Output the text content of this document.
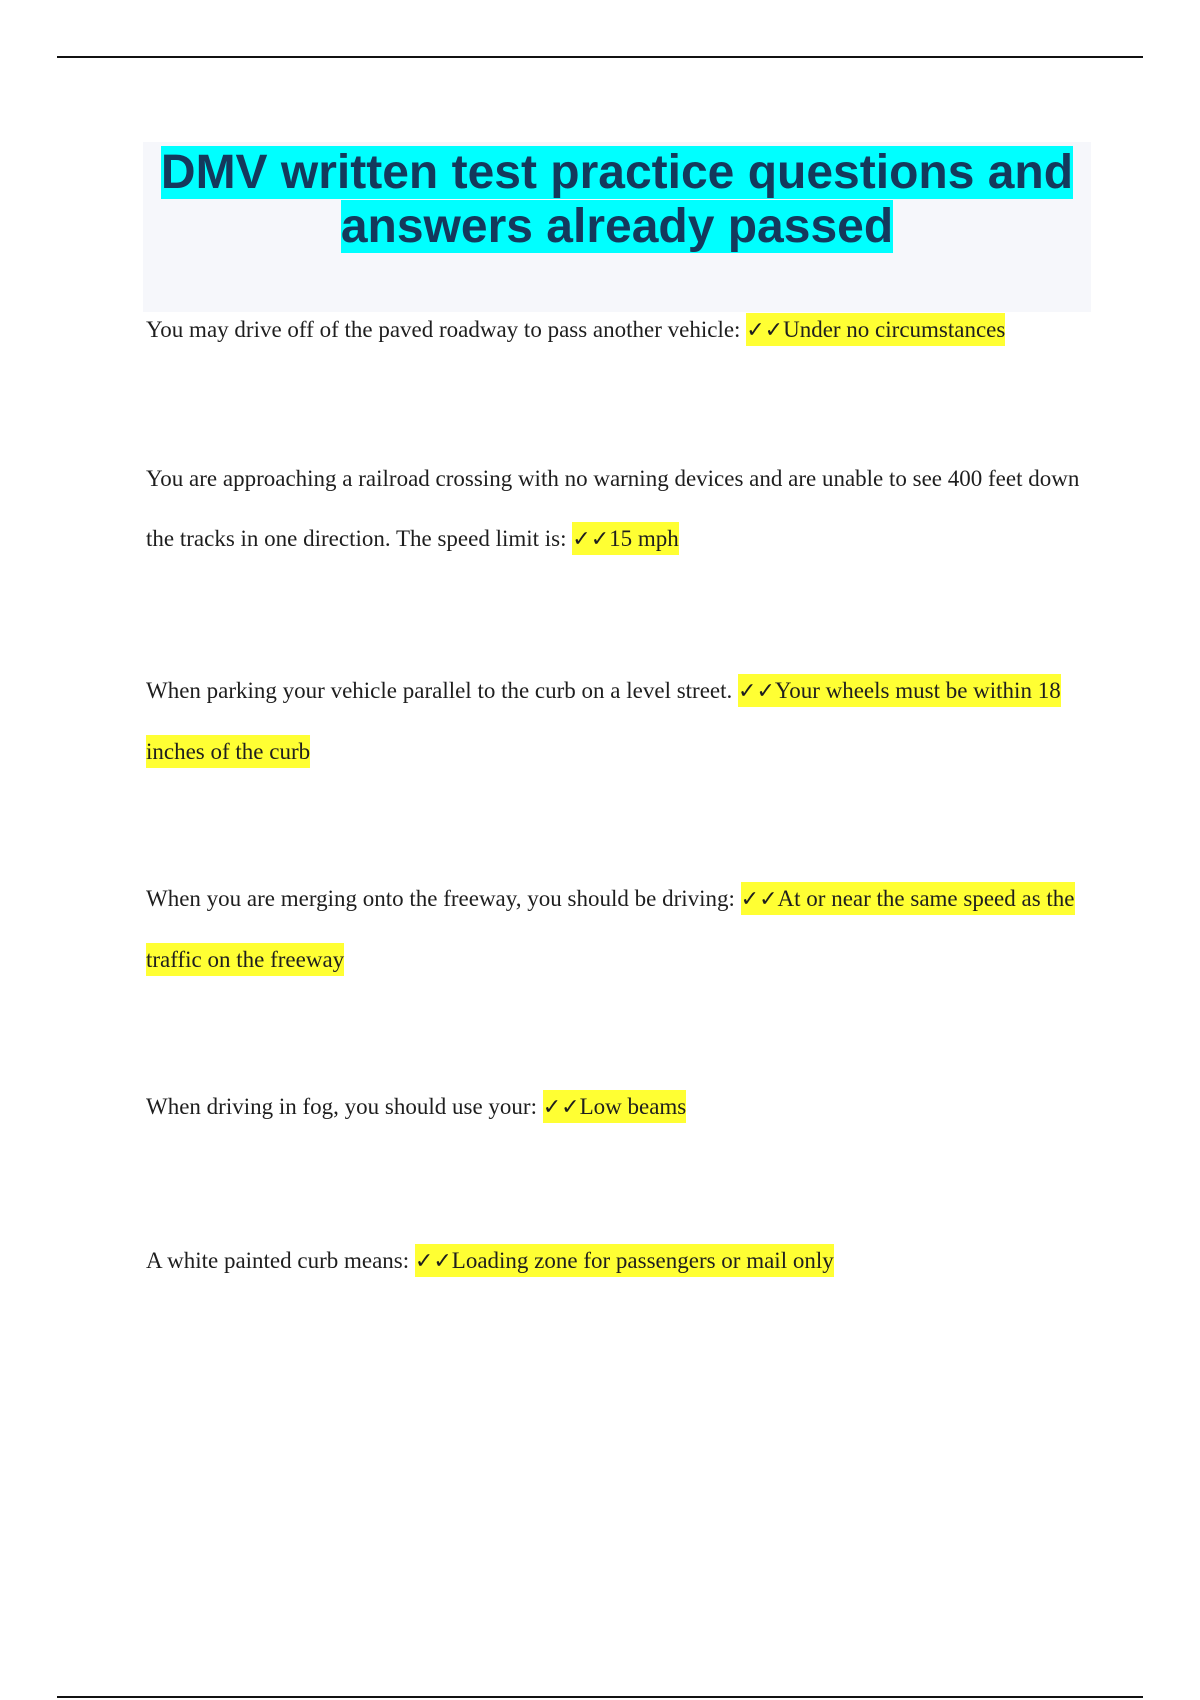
DMV written test practice questions and
answers already passed

You may drive off of the paved roadway to pass another vehicle: ✓✓Under no circumstances

You are approaching a railroad crossing with no warning devices and are unable to see 400 feet down the tracks in one direction. The speed limit is: ✓✓15 mph

When parking your vehicle parallel to the curb on a level street. ✓✓Your wheels must be within 18 inches of the curb

When you are merging onto the freeway, you should be driving: ✓✓At or near the same speed as the traffic on the freeway

When driving in fog, you should use your: ✓✓Low beams

A white painted curb means: ✓✓Loading zone for passengers or mail only
